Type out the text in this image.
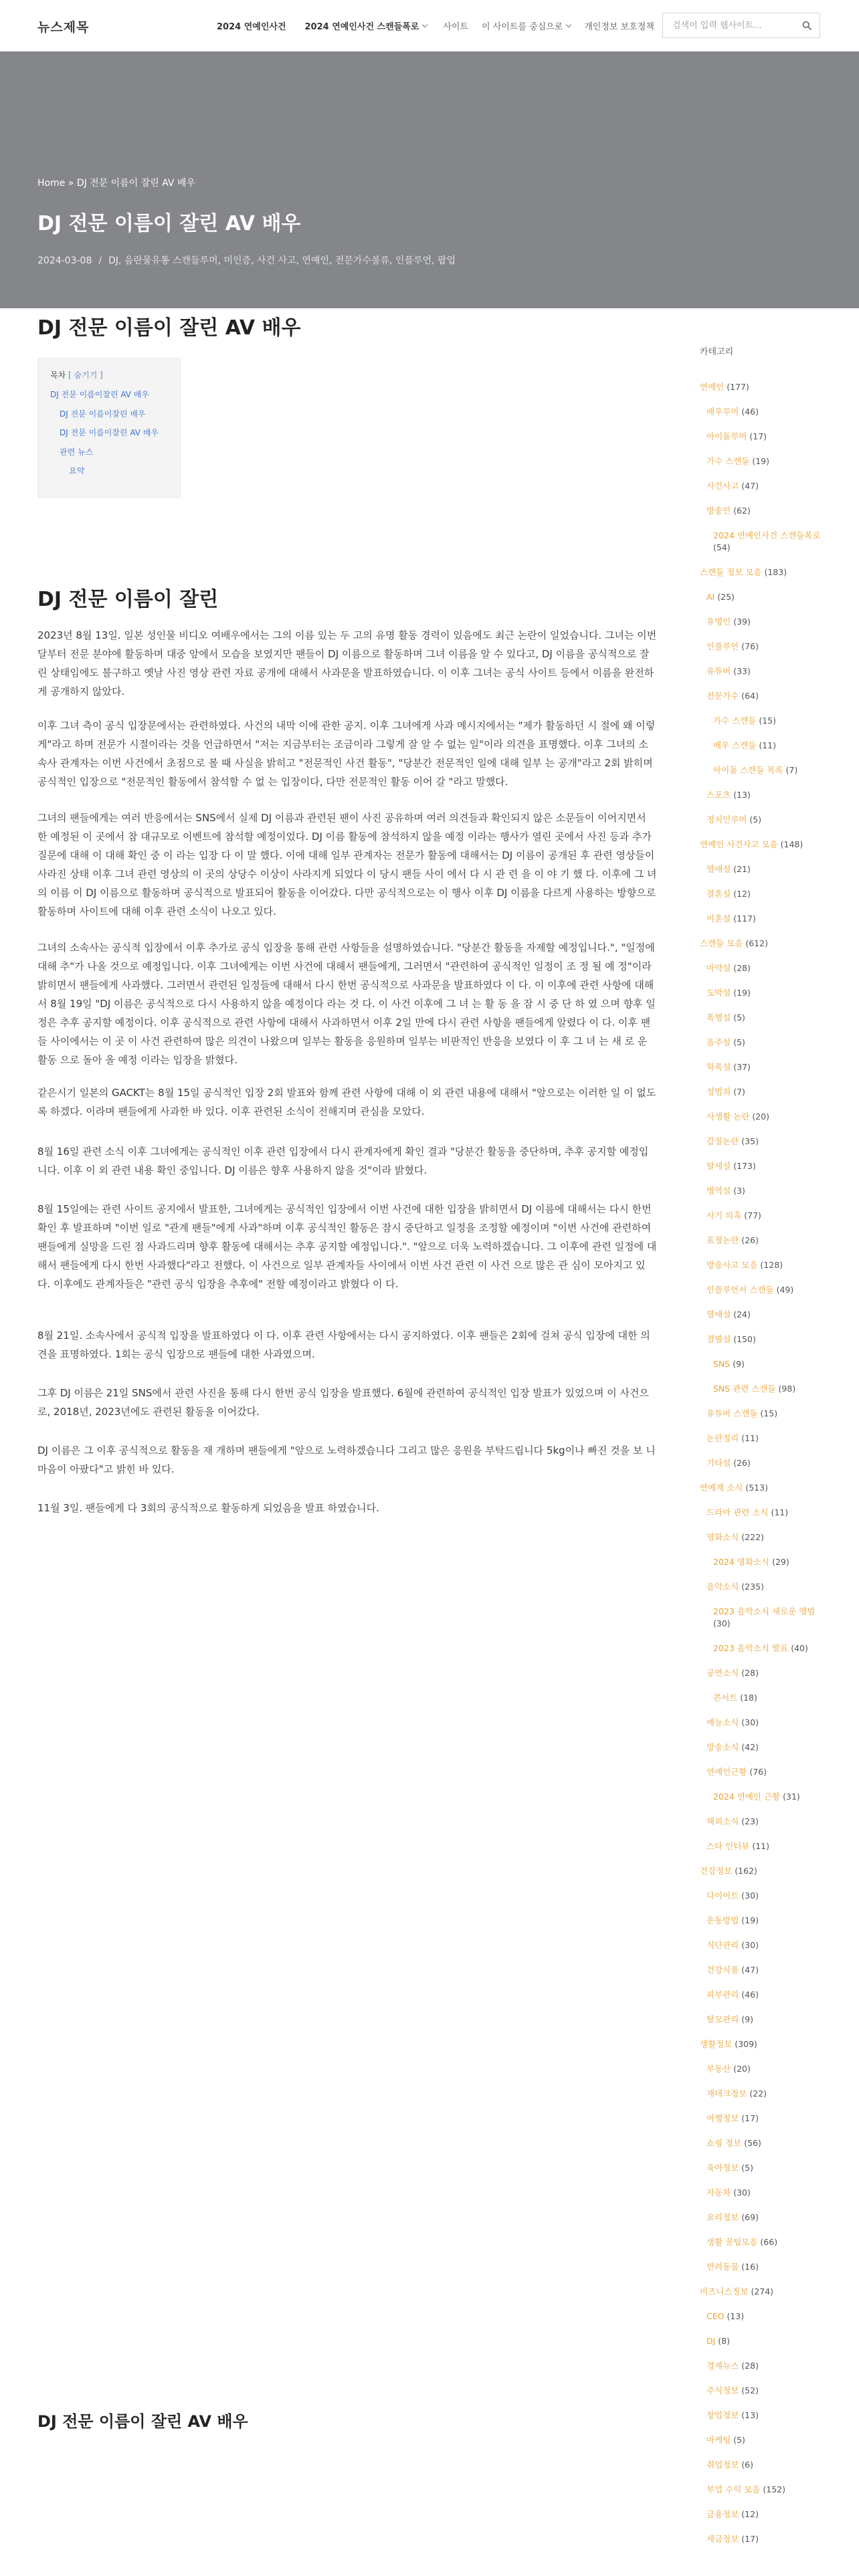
뉴스제목	2024 연예인사건 2024 연예인사건 스캔들폭로	사이트 이 사이트를 중심으로 개인정보 보호정책
검색어 입력 웹사이트...
Home » DJ 전문 이름이 잘린 AV 배우
DJ 전문 이름이 잘린 AV 배우
2024-03-08 / DJ, 음란물유통 스캔들루머, 미인증, 사건 사고, 연예인, 전문가수불류, 인플루언, 팝업
DJ 전문 이름이 잘린 AV 배우
목차 [ 숨기기 ]
DJ 전문 이름이잘린 AV 배우
DJ 전문 이름이잘린 배우
DJ 전문 이름이잘린 AV 배우
관련 뉴스
요약
DJ 전문 이름이 잘린

2023년 8월 13일. 일본 성인물 비디오 여배우에서는 그의 이름 있는 두 고의 유명 활동 경력이 있음에도 최근 논란이 일었습니다. 그녀는 이번 달부터 전문 분야에 활동하며 대중 앞에서 모습을 보였지만 팬들이 DJ 이름으로 활동하며 그녀 이름을 알 수 있다고, DJ 이름을 공식적으로 잘린 상태임에도 불구하고 옛날 사진 영상 관련 자료 공개에 대해서 사과문을 발표하였습니다. 이 이후 그녀는 공식 사이트 등에서 이름을 완전하게 공개하지 않았다.

이후 그녀 측이 공식 입장문에서는 관련하였다. 사건의 내막 이에 관한 공지. 이후 그녀에게 사과 메시지에서는 "제가 활동하던 시 절에 왜 이렇게"라고 하며 전문가 시절이라는 것을 언급하면서 "저는 지금부터는 조금이라 그렇게 잘 알 수 없는 일"이라 의견을 표명했다. 이후 그녀의 소속사 관계자는 이번 사건에서 초점으로 볼 때 사실을 밝히고 "전문적인 사건 활동", "당분간 전문적인 일에 대해 일부 는 공개"라고 2회 밝히며 공식적인 입장으로 "전문적인 활동에서 참석할 수 없 는 입장이다, 다만 전문적인 활동 이어 갈 "라고 말했다.

그녀의 팬들에게는 여러 반응에서는 SNS에서 실제 DJ 이름과 관련된 팬이 사진 공유하며 여러 의견들과 확인되지 않은 소문들이 이어지면서 한 예정된 이 곳에서 참 대규모로 이벤트에 참석할 예정이었다. DJ 이름 활동에 참석하지 않을 예정 이라는 행사가 열린 곳에서 사진 등과 추가 질문에 대해 이 대해 확인 중 이 라는 입장 다 이 말 했다. 이에 대해 일부 관계자는 전문가 활동에 대해서는 DJ 이름이 공개된 후 관련 영상들이 사라진 상태 이후 그녀 관련 영상의 이 곳의 상당수 이상이 사라지게 되었다 이 당시 팬들 사이 에서 다 시 관 련 을 이 야 기 했 다. 이후에 그 녀의 이름 이 DJ 이름으로 활동하며 공식적으로 발표되어 활동을 이어갔다. 다만 공식적으로는 이 행사 이후 DJ 이름을 다르게 사용하는 방향으로 활동하며 사이트에 대해 이후 관련 소식이 나오고 있다.

그녀의 소속사는 공식적 입장에서 이후 추가로 공식 입장을 통해 관련 사항들을 설명하였습니다. "당분간 활동을 자제할 예정입니다.", "일정에 대해 추"가 나올 것으로 예정입니다. 이후 그녀에게는 이번 사건에 대해서 팬들에게, 그러면서 "관련하여 공식적인 일정이 조 정 될 예 정"이라 밝히면서 팬들에게 사과했다. 그러면서 관련된 일정들에 대해서 다시 한번 공식적으로 사과문을 발표하였다 이 다. 이 이후에 관련 사항에 대해서 8월 19일 "DJ 이름은 공식적으로 다시 사용하지 않을 예정이다 라는 것 다. 이 사건 이후에 그 녀 는 활 동 을 잠 시 중 단 하 였 으며 향후 일정은 추후 공지할 예정이다. 이후 공식적으로 관련 사항에 대해서 사과하면서 이후 2일 만에 다시 관련 사항을 팬들에게 알렸다 이 다. 이후 팬들 사이에서는 이 곳 이 사건 관련하여 많은 의견이 나왔으며 일부는 활동을 응원하며 일부는 비판적인 반응을 보였다 이 후 그 녀 는 새 로 운 활동 으로 돌아 올 예정 이라는 입장을 밝혔다.

같은시기 일본의 GACKT는 8월 15일 공식적인 입장 2회 발표와 함께 관련 사항에 대해 이 외 관련 내용에 대해서 "앞으로는 이러한 일 이 없도록 하겠다. 이라며 팬들에게 사과한 바 있다. 이후 관련된 소식이 전해지며 관심을 모았다.

8월 16일 관련 소식 이후 그녀에게는 공식적인 이후 관련 입장에서 다시 관계자에게 확인 결과 "당분간 활동을 중단하며, 추후 공지할 예정입니다. 이후 이 외 관련 내용 확인 중입니다. DJ 이름은 향후 사용하지 않을 것"이라 밝혔다.

8월 15일에는 관련 사이트 공지에서 발표한, 그녀에게는 공식적인 입장에서 이번 사건에 대한 입장을 밝히면서 DJ 이름에 대해서는 다시 한번 확인 후 발표하며 "이번 일로 "관계 팬들"에게 사과"하며 이후 공식적인 활동은 잠시 중단하고 일정을 조정할 예정이며 "이번 사건에 관련하여 팬들에게 실망을 드린 점 사과드리며 향후 활동에 대해서는 추후 공지할 예정입니다.". "앞으로 더욱 노력하겠습니다. 그 이후에 관련 일정에 대해서 팬들에게 다시 한번 사과했다"라고 전했다. 이 사건으로 일부 관계자들 사이에서 이번 사건 관련 이 사건 으로 많은 관 심이 모아지고 있다. 이후에도 관계자들은 "관련 공식 입장을 추후에" 전할 예정이라고 밝혔다 이 다.

8월 21일. 소속사에서 공식적 입장을 발표하였다 이 다. 이후 관련 사항에서는 다시 공지하였다. 이후 팬들은 2회에 걸쳐 공식 입장에 대한 의견을 표명하였다. 1회는 공식 입장으로 팬들에 대한 사과였으며.

그후 DJ 이름은 21일 SNS에서 관련 사진을 통해 다시 한번 공식 입장을 발표했다. 6월에 관련하여 공식적인 입장 발표가 있었으며 이 사건으로, 2018년, 2023년에도 관련된 활동을 이어갔다.

DJ 이름은 그 이후 공식적으로 활동을 재 개하며 팬들에게 "앞으로 노력하겠습니다 그리고 많은 응원을 부탁드립니다 5kg이나 빠진 것을 보 니 마음이 아팠다"고 밝힌 바 있다.

11월 3일. 팬들에게 다 3회의 공식적으로 활동하게 되었음을 발표 하였습니다.

DJ 전문 이름이 잘린 AV 배우
카테고리
연예인 (177)
배우루머 (46)
아이돌루머 (17)
가수 스캔들 (19)
사건사고 (47)
방송인 (62)
2024 연예인사건 스캔들폭로 (54)
스캔들 정보 모음 (183)
AI (25)
유명인 (39)
인플루언 (76)
유튜버 (33)
전문가수 (64)
가수 스캔들 (15)
배우 스캔들 (11)
아이돌 스캔들 목록 (7)
스포츠 (13)
정치인루머 (5)
연예인 사건사고 모음 (148)
열애설 (21)
결혼설 (12)
이혼설 (117)
스캔들 모음 (612)
마약설 (28)
도박설 (19)
폭행설 (5)
음주설 (5)
학폭설 (37)
성범죄 (7)
사생활 논란 (20)
갑질논란 (35)
탈세설 (173)
병역설 (3)
사기 의혹 (77)
표절논란 (26)
방송사고 모음 (128)
인플루언서 스캔들 (49)
열애설 (24)
결별설 (150)
SNS (9)
SNS 관련 스캔들 (98)
유튜버 스캔들 (15)
논란정리 (11)
기타설 (26)
연예계 소식 (513)
드라마 관련 소식 (11)
영화소식 (222)
2024 영화소식 (29)
음악소식 (235)
2023 음악소식 새로운 앨범 (30)
2023 음악소식 발표 (40)
공연소식 (28)
콘서트 (18)
예능소식 (30)
방송소식 (42)
연예인근황 (76)
2024 연예인 근황 (31)
해외소식 (23)
스타 인터뷰 (11)
건강정보 (162)
다이어트 (30)
운동방법 (19)
식단관리 (30)
건강식품 (47)
피부관리 (46)
탈모관리 (9)
생활정보 (309)
부동산 (20)
재테크정보 (22)
여행정보 (17)
쇼핑 정보 (56)
육아정보 (5)
자동차 (30)
요리정보 (69)
생활 꿀팁모음 (66)
반려동물 (16)
비즈니스정보 (274)
CEO (13)
DJ (8)
경제뉴스 (28)
주식정보 (52)
창업정보 (13)
마케팅 (5)
취업정보 (6)
부업 수익 모음 (152)
금융정보 (12)
세금정보 (17)
